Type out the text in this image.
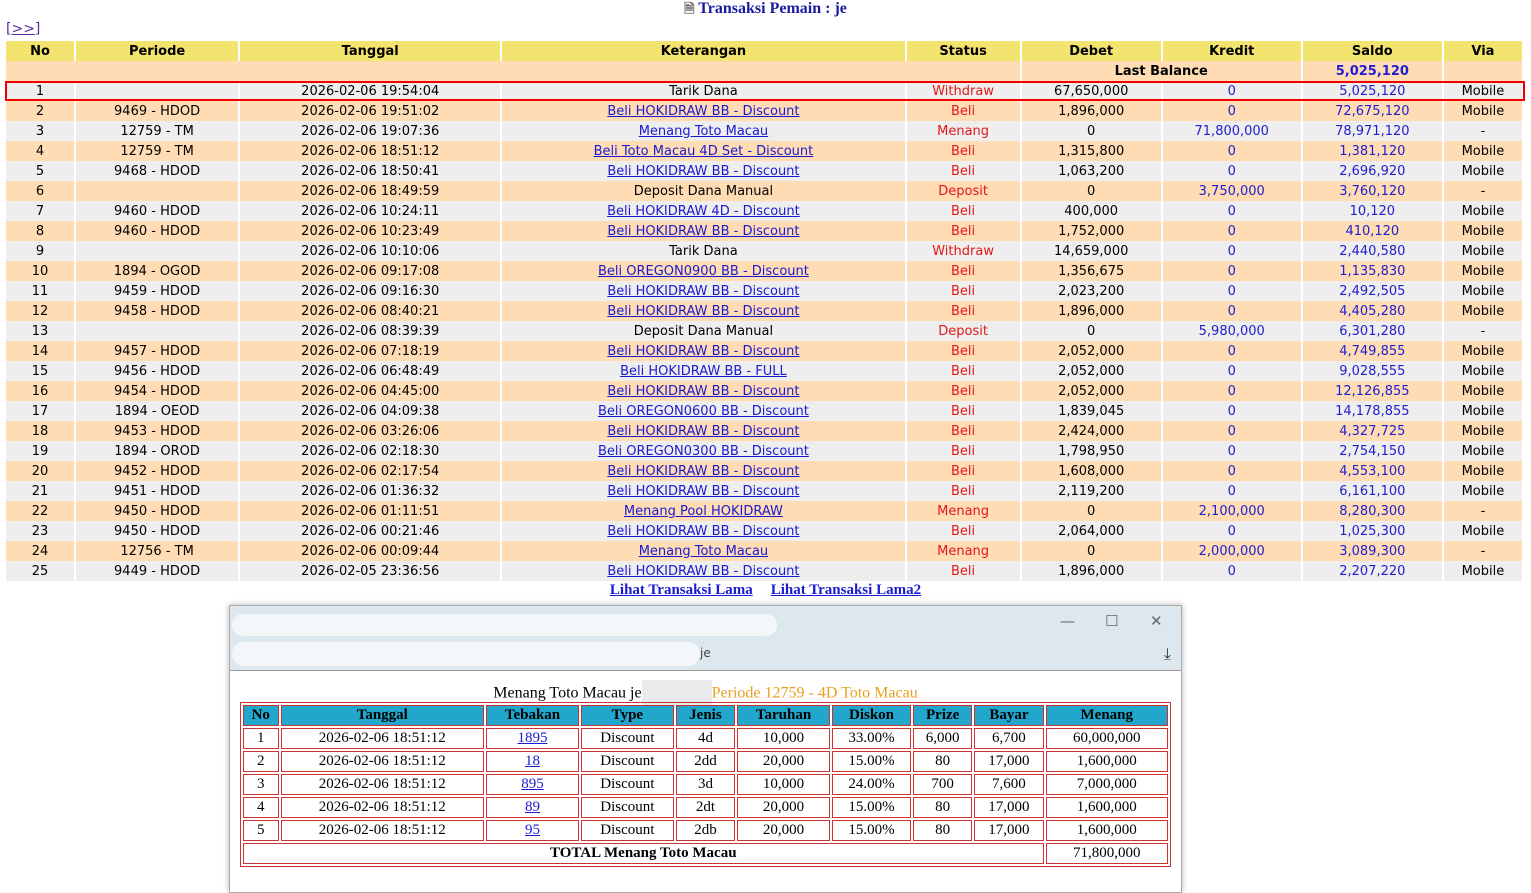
🗎 Transaksi Pemain : je
[>>]
No	Periode	Tanggal	Keterangan	Status	Debet	Kredit	Saldo	Via
					Last Balance		5,025,120	
1		2026-02-06 19:54:04	Tarik Dana	Withdraw	67,650,000	0	5,025,120	Mobile
2	9469 - HDOD	2026-02-06 19:51:02	Beli HOKIDRAW BB - Discount	Beli	1,896,000	0	72,675,120	Mobile
3	12759 - TM	2026-02-06 19:07:36	Menang Toto Macau	Menang	0	71,800,000	78,971,120	-
4	12759 - TM	2026-02-06 18:51:12	Beli Toto Macau 4D Set - Discount	Beli	1,315,800	0	1,381,120	Mobile
5	9468 - HDOD	2026-02-06 18:50:41	Beli HOKIDRAW BB - Discount	Beli	1,063,200	0	2,696,920	Mobile
6		2026-02-06 18:49:59	Deposit Dana Manual	Deposit	0	3,750,000	3,760,120	-
7	9460 - HDOD	2026-02-06 10:24:11	Beli HOKIDRAW 4D - Discount	Beli	400,000	0	10,120	Mobile
8	9460 - HDOD	2026-02-06 10:23:49	Beli HOKIDRAW BB - Discount	Beli	1,752,000	0	410,120	Mobile
9		2026-02-06 10:10:06	Tarik Dana	Withdraw	14,659,000	0	2,440,580	Mobile
10	1894 - OGOD	2026-02-06 09:17:08	Beli OREGON0900 BB - Discount	Beli	1,356,675	0	1,135,830	Mobile
11	9459 - HDOD	2026-02-06 09:16:30	Beli HOKIDRAW BB - Discount	Beli	2,023,200	0	2,492,505	Mobile
12	9458 - HDOD	2026-02-06 08:40:21	Beli HOKIDRAW BB - Discount	Beli	1,896,000	0	4,405,280	Mobile
13		2026-02-06 08:39:39	Deposit Dana Manual	Deposit	0	5,980,000	6,301,280	-
14	9457 - HDOD	2026-02-06 07:18:19	Beli HOKIDRAW BB - Discount	Beli	2,052,000	0	4,749,855	Mobile
15	9456 - HDOD	2026-02-06 06:48:49	Beli HOKIDRAW BB - FULL	Beli	2,052,000	0	9,028,555	Mobile
16	9454 - HDOD	2026-02-06 04:45:00	Beli HOKIDRAW BB - Discount	Beli	2,052,000	0	12,126,855	Mobile
17	1894 - OEOD	2026-02-06 04:09:38	Beli OREGON0600 BB - Discount	Beli	1,839,045	0	14,178,855	Mobile
18	9453 - HDOD	2026-02-06 03:26:06	Beli HOKIDRAW BB - Discount	Beli	2,424,000	0	4,327,725	Mobile
19	1894 - OROD	2026-02-06 02:18:30	Beli OREGON0300 BB - Discount	Beli	1,798,950	0	2,754,150	Mobile
20	9452 - HDOD	2026-02-06 02:17:54	Beli HOKIDRAW BB - Discount	Beli	1,608,000	0	4,553,100	Mobile
21	9451 - HDOD	2026-02-06 01:36:32	Beli HOKIDRAW BB - Discount	Beli	2,119,200	0	6,161,100	Mobile
22	9450 - HDOD	2026-02-06 01:11:51	Menang Pool HOKIDRAW	Menang	0	2,100,000	8,280,300	-
23	9450 - HDOD	2026-02-06 00:21:46	Beli HOKIDRAW BB - Discount	Beli	2,064,000	0	1,025,300	Mobile
24	12756 - TM	2026-02-06 00:09:44	Menang Toto Macau	Menang	0	2,000,000	3,089,300	-
25	9449 - HDOD	2026-02-05 23:36:56	Beli HOKIDRAW BB - Discount	Beli	1,896,000	0	2,207,220	Mobile
Lihat Transaksi Lama Lihat Transaksi Lama2
je
— ☐ ✕
⤓
Menang Toto Macau je	Periode 12759 - 4D Toto Macau
No	Tanggal	Tebakan	Type	Jenis	Taruhan	Diskon	Prize	Bayar	Menang
1	2026-02-06 18:51:12	1895	Discount	4d	10,000	33.00%	6,000	6,700	60,000,000
2	2026-02-06 18:51:12	18	Discount	2dd	20,000	15.00%	80	17,000	1,600,000
3	2026-02-06 18:51:12	895	Discount	3d	10,000	24.00%	700	7,600	7,000,000
4	2026-02-06 18:51:12	89	Discount	2dt	20,000	15.00%	80	17,000	1,600,000
5	2026-02-06 18:51:12	95	Discount	2db	20,000	15.00%	80	17,000	1,600,000
TOTAL Menang Toto Macau									71,800,000
